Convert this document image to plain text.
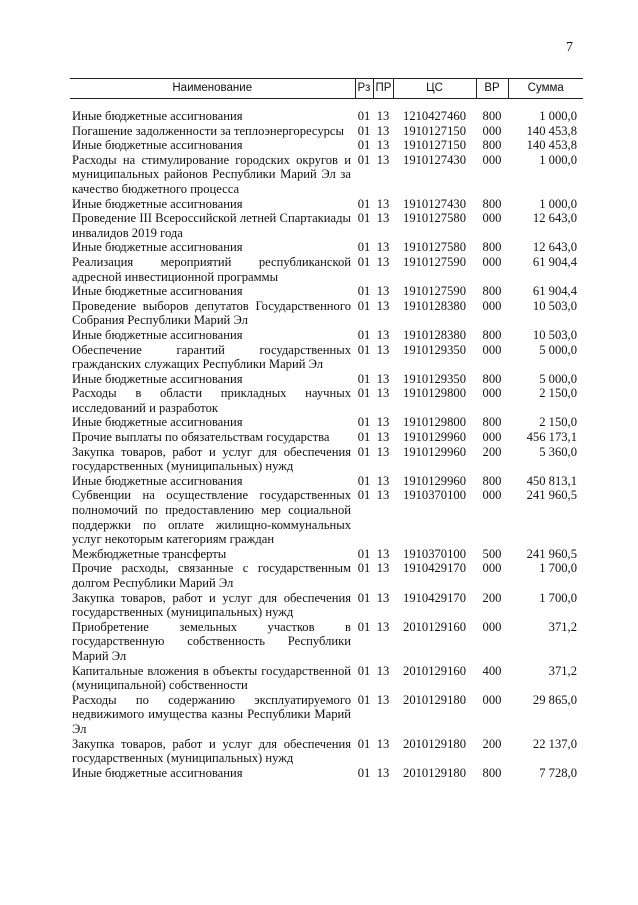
7
Наименование	Рз	ПР	ЦС	ВР	Сумма
Иные бюджетные ассигнования	01	13	1210427460	800	1 000,0
Погашение задолженности за теплоэнергоресурсы	01	13	1910127150	000	140 453,8
Иные бюджетные ассигнования	01	13	1910127150	800	140 453,8
Расходы на стимулирование городских округов и муниципальных районов Республики Марий Эл за качество бюджетного процесса	01	13	1910127430	000	1 000,0
Иные бюджетные ассигнования	01	13	1910127430	800	1 000,0
Проведение III Всероссийской летней Спартакиады инвалидов 2019 года	01	13	1910127580	000	12 643,0
Иные бюджетные ассигнования	01	13	1910127580	800	12 643,0
Реализация мероприятий республиканской адресной инвестиционной программы	01	13	1910127590	000	61 904,4
Иные бюджетные ассигнования	01	13	1910127590	800	61 904,4
Проведение выборов депутатов Государственного Собрания Республики Марий Эл	01	13	1910128380	000	10 503,0
Иные бюджетные ассигнования	01	13	1910128380	800	10 503,0
Обеспечение гарантий государственных гражданских служащих Республики Марий Эл	01	13	1910129350	000	5 000,0
Иные бюджетные ассигнования	01	13	1910129350	800	5 000,0
Расходы в области прикладных научных исследований и разработок	01	13	1910129800	000	2 150,0
Иные бюджетные ассигнования	01	13	1910129800	800	2 150,0
Прочие выплаты по обязательствам государства	01	13	1910129960	000	456 173,1
Закупка товаров, работ и услуг для обеспечения государственных (муниципальных) нужд	01	13	1910129960	200	5 360,0
Иные бюджетные ассигнования	01	13	1910129960	800	450 813,1
Субвенции на осуществление государственных полномочий по предоставлению мер социальной поддержки по оплате жилищно-коммунальных услуг некоторым категориям граждан	01	13	1910370100	000	241 960,5
Межбюджетные трансферты	01	13	1910370100	500	241 960,5
Прочие расходы, связанные с государственным долгом Республики Марий Эл	01	13	1910429170	000	1 700,0
Закупка товаров, работ и услуг для обеспечения государственных (муниципальных) нужд	01	13	1910429170	200	1 700,0
Приобретение земельных участков в государственную собственность Республики Марий Эл	01	13	2010129160	000	371,2
Капитальные вложения в объекты государственной (муниципальной) собственности	01	13	2010129160	400	371,2
Расходы по содержанию эксплуатируемого недвижимого имущества казны Республики Марий Эл	01	13	2010129180	000	29 865,0
Закупка товаров, работ и услуг для обеспечения государственных (муниципальных) нужд	01	13	2010129180	200	22 137,0
Иные бюджетные ассигнования	01	13	2010129180	800	7 728,0
